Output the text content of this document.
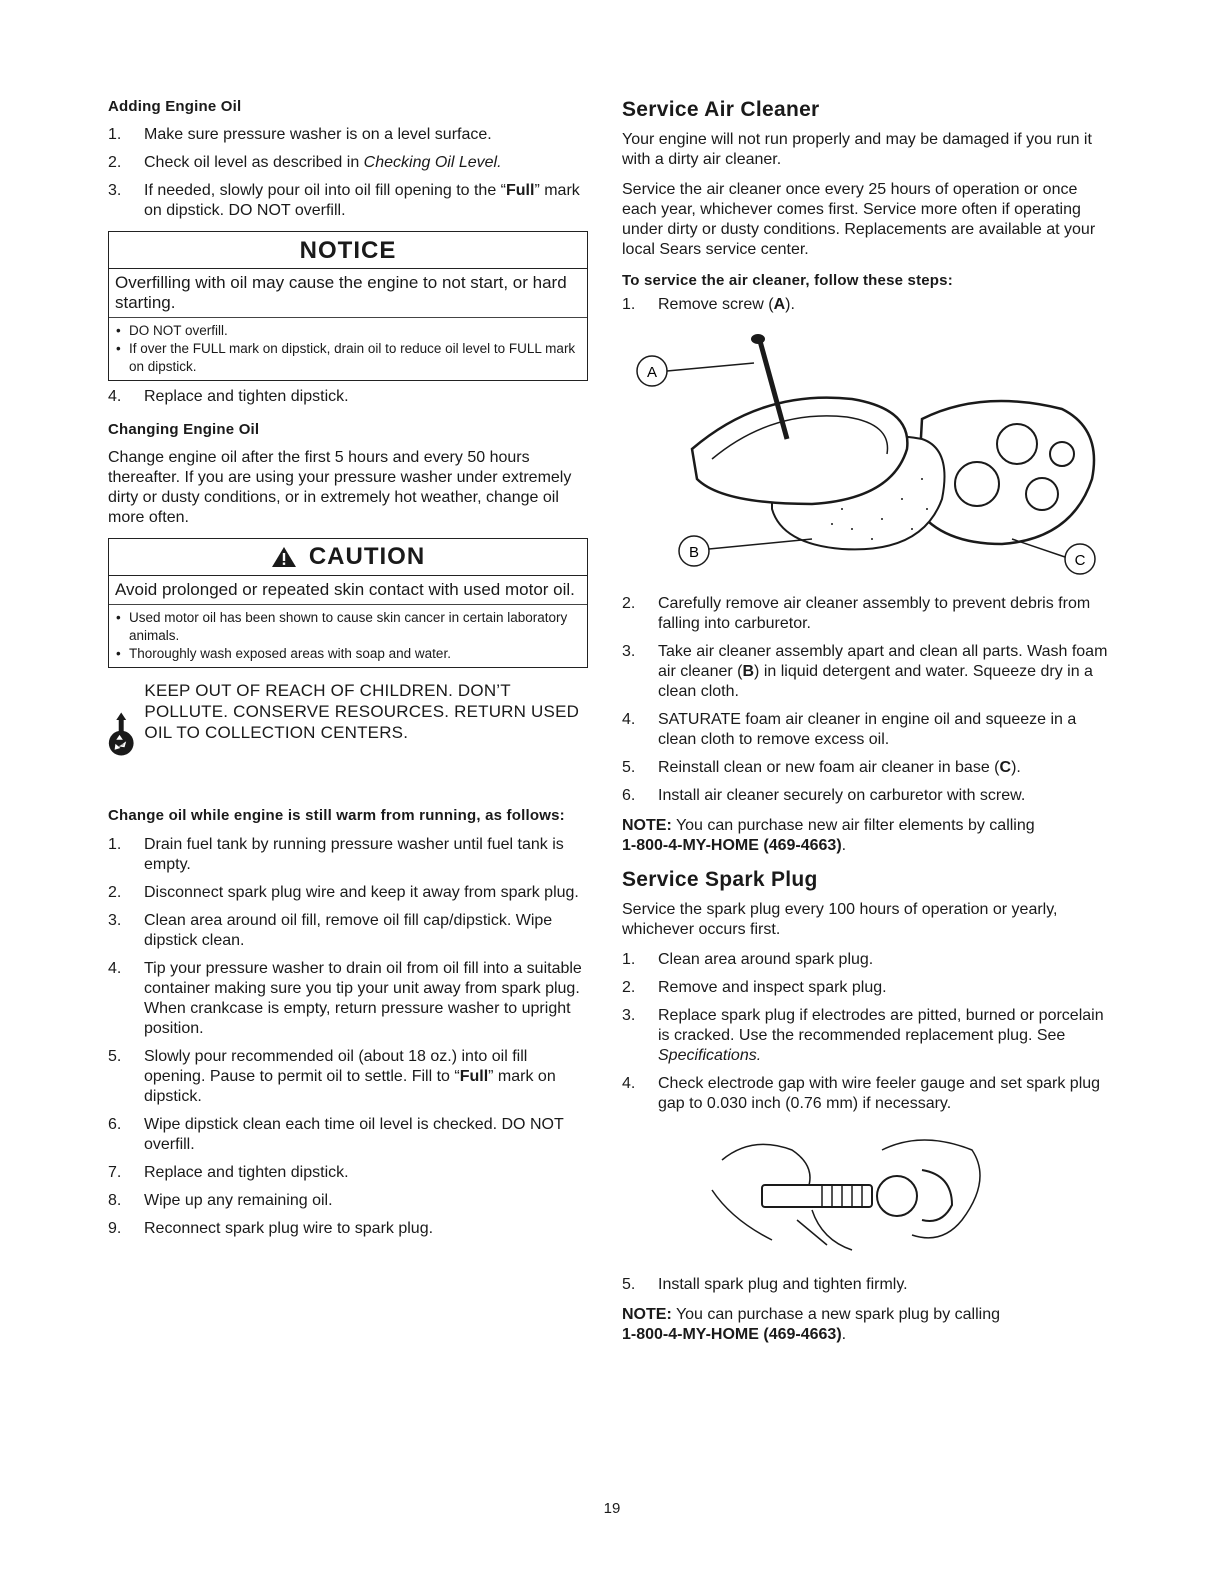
Adding Engine Oil
1.	Make sure pressure washer is on a level surface.
2.	Check oil level as described in Checking Oil Level.
3.	If needed, slowly pour oil into oil fill opening to the “Full” mark on dipstick. DO NOT overfill.
NOTICE
Overfilling with oil may cause the engine to not start, or hard starting.
• DO NOT overfill.
• If over the FULL mark on dipstick, drain oil to reduce oil level to FULL mark on dipstick.
4.	Replace and tighten dipstick.
Changing Engine Oil

Change engine oil after the first 5 hours and every 50 hours thereafter. If you are using your pressure washer under extremely dirty or dusty conditions, or in extremely hot weather, change oil more often.

CAUTION
Avoid prolonged or repeated skin contact with used motor oil.
• Used motor oil has been shown to cause skin cancer in certain laboratory animals.
• Thoroughly wash exposed areas with soap and water.
oil
KEEP OUT OF REACH OF CHILDREN. DON’T POLLUTE. CONSERVE RESOURCES. RETURN USED OIL TO COLLECTION CENTERS.
Change oil while engine is still warm from running, as follows:
1.	Drain fuel tank by running pressure washer until fuel tank is empty.
2.	Disconnect spark plug wire and keep it away from spark plug.
3.	Clean area around oil fill, remove oil fill cap/dipstick. Wipe dipstick clean.
4.	Tip your pressure washer to drain oil from oil fill into a suitable container making sure you tip your unit away from spark plug. When crankcase is empty, return pressure washer to upright position.
5.	Slowly pour recommended oil (about 18 oz.) into oil fill opening. Pause to permit oil to settle. Fill to “Full” mark on dipstick.
6.	Wipe dipstick clean each time oil level is checked. DO NOT overfill.
7.	Replace and tighten dipstick.
8.	Wipe up any remaining oil.
9.	Reconnect spark plug wire to spark plug.
Service Air Cleaner

Your engine will not run properly and may be damaged if you run it with a dirty air cleaner.

Service the air cleaner once every 25 hours of operation or once each year, whichever comes first. Service more often if operating under dirty or dusty conditions. Replacements are available at your local Sears service center.

To service the air cleaner, follow these steps:
1.	Remove screw (A).
A
B	C
2.	Carefully remove air cleaner assembly to prevent debris from falling into carburetor.
3.	Take air cleaner assembly apart and clean all parts. Wash foam air cleaner (B) in liquid detergent and water. Squeeze dry in a clean cloth.
4.	SATURATE foam air cleaner in engine oil and squeeze in a clean cloth to remove excess oil.
5.	Reinstall clean or new foam air cleaner in base (C).
6.	Install air cleaner securely on carburetor with screw.

NOTE: You can purchase new air filter elements by calling
1-800-4-MY-HOME (469-4663).

Service Spark Plug

Service the spark plug every 100 hours of operation or yearly, whichever occurs first.

1.	Clean area around spark plug.
2.	Remove and inspect spark plug.
3.	Replace spark plug if electrodes are pitted, burned or porcelain is cracked. Use the recommended replacement plug. See Specifications.
4.	Check electrode gap with wire feeler gauge and set spark plug gap to 0.030 inch (0.76 mm) if necessary.
5.	Install spark plug and tighten firmly.

NOTE: You can purchase a new spark plug by calling
1-800-4-MY-HOME (469-4663).

19
